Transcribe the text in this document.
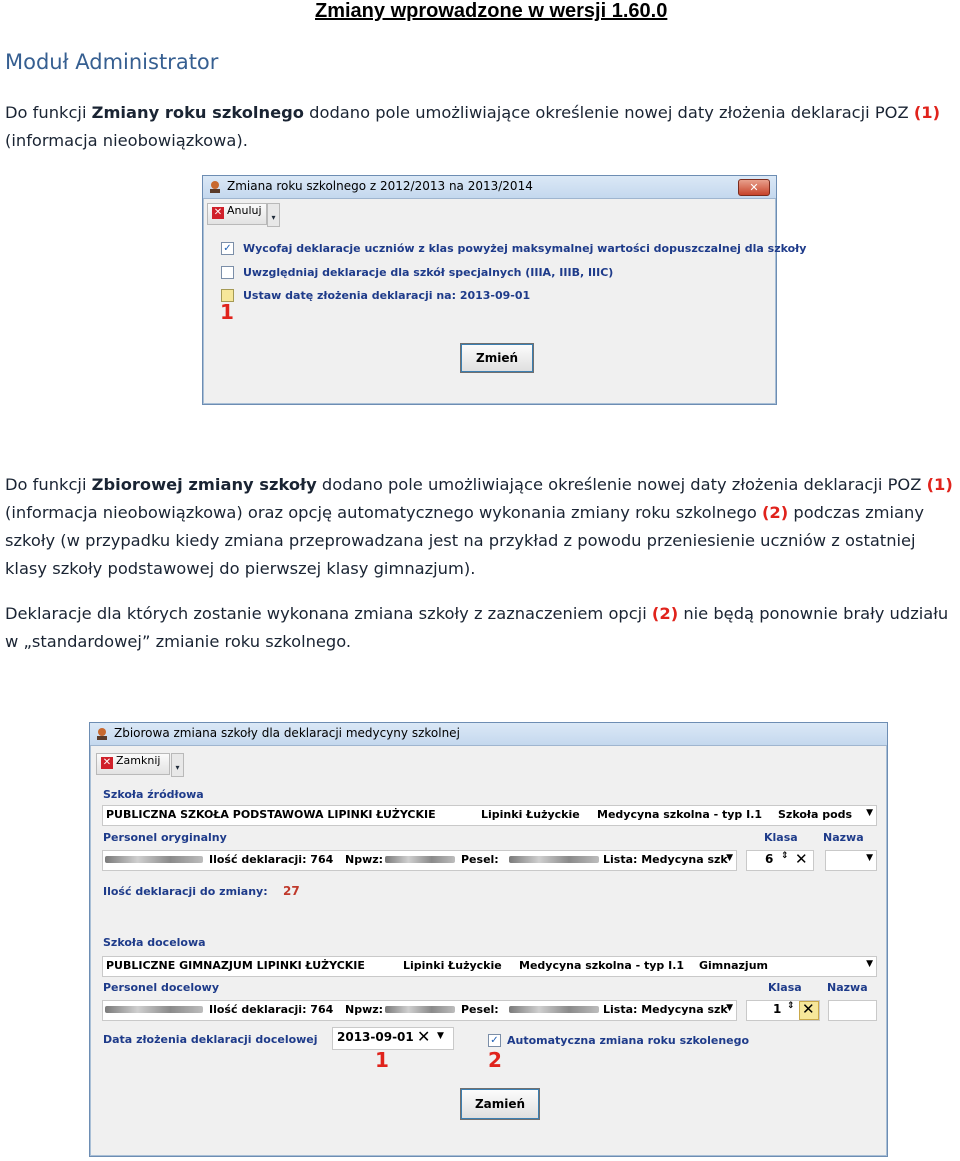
Zmiany wprowadzone w wersji 1.60.0
Moduł Administrator
Do funkcji Zmiany roku szkolnego dodano pole umożliwiające określenie nowej daty złożenia deklaracji POZ (1) (informacja nieobowiązkowa).
Zmiana roku szkolnego z 2012/2013 na 2013/2014	✕
✕ Anuluj
▾
✓ Wycofaj deklaracje uczniów z klas powyżej maksymalnej wartości dopuszczalnej dla szkoły
Uwzględniaj deklaracje dla szkół specjalnych (IIIA, IIIB, IIIC)
Ustaw datę złożenia deklaracji na: 2013-09-01
1
Zmień
Do funkcji Zbiorowej zmiany szkoły dodano pole umożliwiające określenie nowej daty złożenia deklaracji POZ (1) (informacja nieobowiązkowa) oraz opcję automatycznego wykonania zmiany roku szkolnego (2) podczas zmiany szkoły (w przypadku kiedy zmiana przeprowadzana jest na przykład z powodu przeniesienie uczniów z ostatniej klasy szkoły podstawowej do pierwszej klasy gimnazjum).
Deklaracje dla których zostanie wykonana zmiana szkoły z zaznaczeniem opcji (2) nie będą ponownie brały udziału w „standardowej” zmianie roku szkolnego.
Zbiorowa zmiana szkoły dla deklaracji medycyny szkolnej
✕ Zamknij
▾
Szkoła źródłowa
PUBLICZNA SZKOŁA PODSTAWOWA LIPINKI ŁUŻYCKIE	Lipinki Łużyckie Medycyna szkolna - typ I.1 Szkoła pods ▼
Personel oryginalny	Klasa Nazwa
Ilość deklaracji: 764 Npwz:	Pesel:	Lista: Medycyna szk
▼	6 ⇕ ✕	▼
Ilość deklaracji do zmiany: 27
Szkoła docelowa
PUBLICZNE GIMNAZJUM LIPINKI ŁUŻYCKIE	Lipinki Łużyckie Medycyna szkolna - typ I.1 Gimnazjum	▼
Personel docelowy	Klasa Nazwa
Ilość deklaracji: 764 Npwz:	Pesel:	Lista: Medycyna szk
▼	1 ⇕ ✕
Data złożenia deklaracji docelowej 2013-09-01 ✕ ▼	✓ Automatyczna zmiana roku szkolenego
1	2
Zamień
